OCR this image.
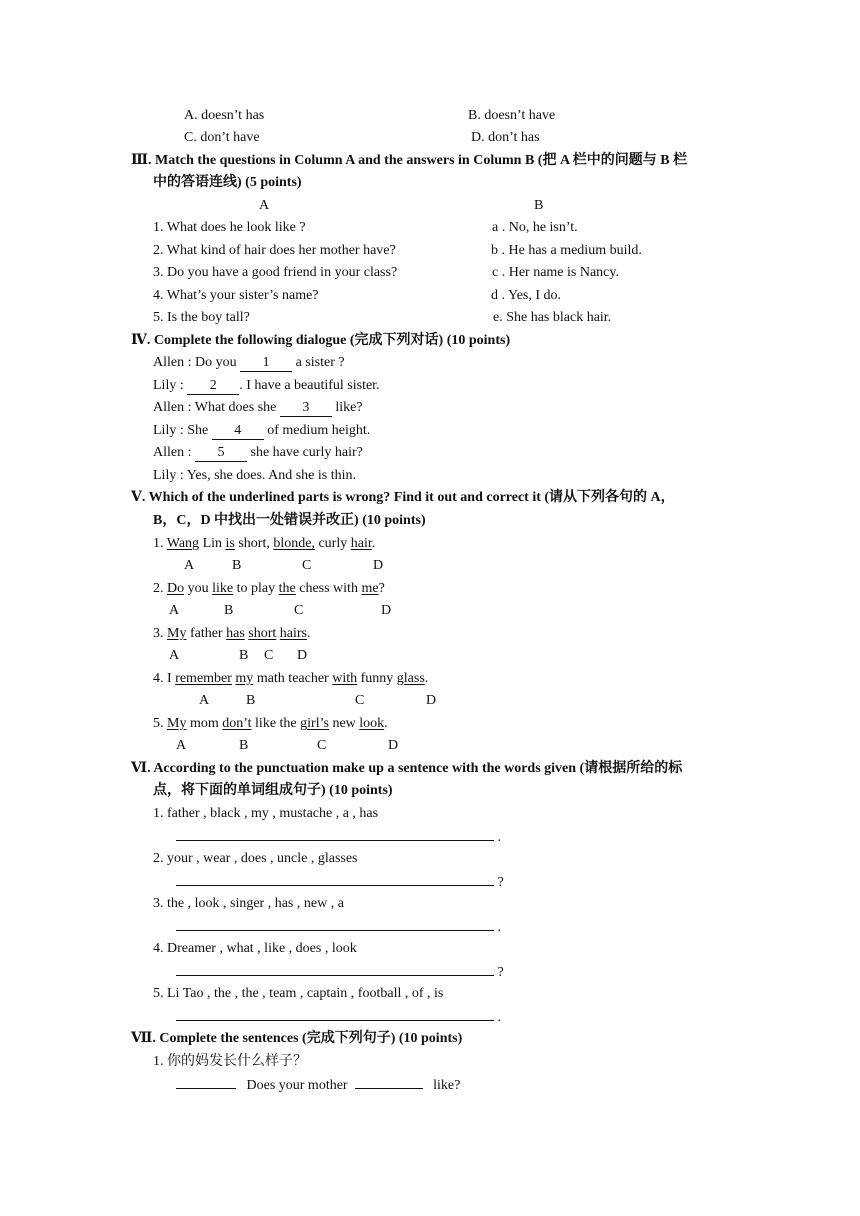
A. doesn’t has	B. doesn’t have
C. don’t have	D. don’t has
Ⅲ. Match the questions in Column A and the answers in Column B (把 A 栏中的问题与 B 栏
中的答语连线) (5 points)
A	B
1. What does he look like ?	a . No, he isn’t.
2. What kind of hair does her mother have?	b . He has a medium build.
3. Do you have a good friend in your class?	c . Her name is Nancy.
4. What’s your sister’s name?	d . Yes, I do.
5. Is the boy tall?	e. She has black hair.
Ⅳ. Complete the following dialogue (完成下列对话) (10 points)
Allen : Do you 1 a sister ?
Lily : 2 . I have a beautiful sister.
Allen : What does she 3 like?
Lily : She 4 of medium height.
Allen : 5 she have curly hair?
Lily : Yes, she does. And she is thin.
Ⅴ. Which of the underlined parts is wrong? Find it out and correct it (请从下列各句的 A，
B，C，D 中找出一处错误并改正) (10 points)
1. Wang Lin is short, blonde, curly hair.
A	B	C	D
2. Do you like to play the chess with me?
A	B	C	D
3. My father has short hairs.
A	B C D
4. I remember my math teacher with funny glass.
A	B	C	D
5. My mom don’t like the girl’s new look.
A	B	C	D
Ⅵ. According to the punctuation make up a sentence with the words given (请根据所给的标
点，将下面的单词组成句子) (10 points)
1. father , black , my , mustache , a , has
.
2. your , wear , does , uncle , glasses
?
3. the , look , singer , has , new , a
.
4. Dreamer , what , like , does , look
?
5. Li Tao , the , the , team , captain , football , of , is
.
Ⅶ. Complete the sentences (完成下列句子) (10 points)
1. 你的妈发长什么样子？
Does your mother	like?
